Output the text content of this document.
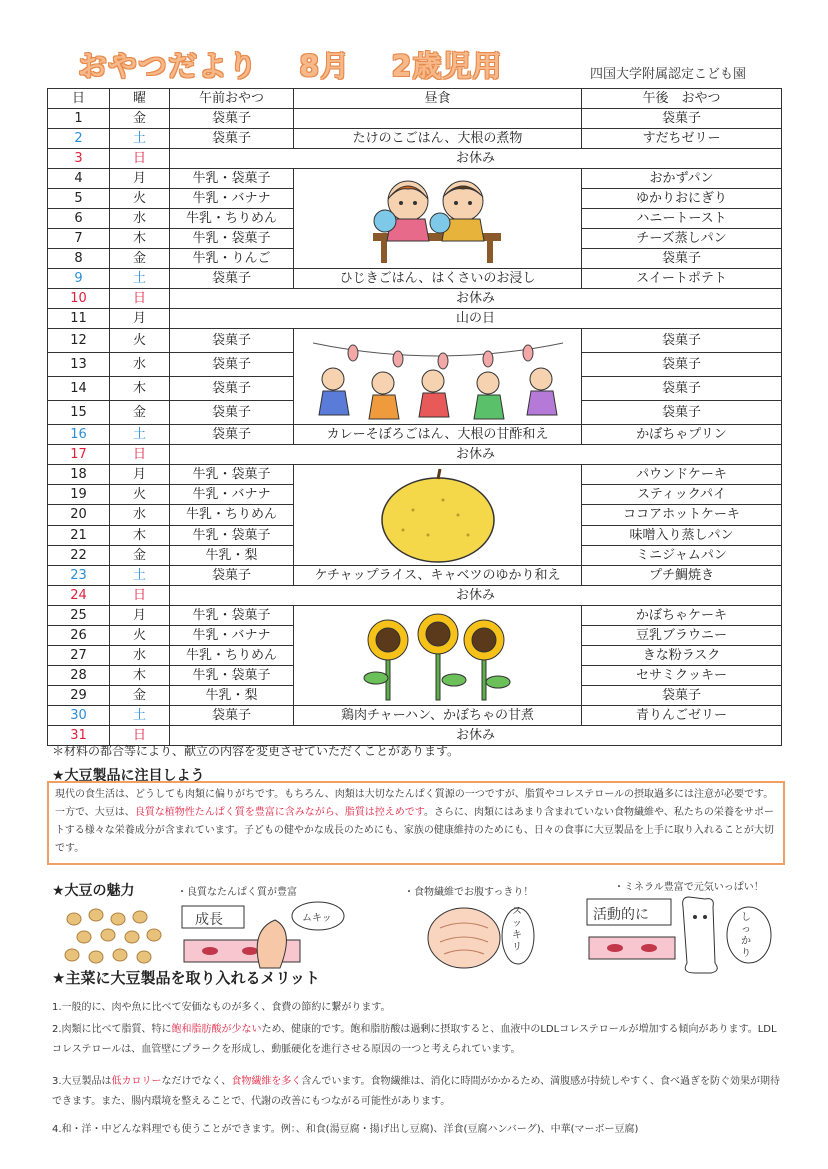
おやつだより　 8月　 2歳児用	四国大学附属認定こども園
日	曜	午前おやつ	昼食	午後　おやつ
1	金	袋菓子		袋菓子
2	土	袋菓子	たけのこごはん、大根の煮物	すだちゼリー
3	日	お休み		
4	月	牛乳・袋菓子		おかずパン
5	火	牛乳・バナナ		ゆかりおにぎり
6	水	牛乳・ちりめん		ハニートースト
7	木	牛乳・袋菓子		チーズ蒸しパン
8	金	牛乳・りんご		袋菓子
9	土	袋菓子	ひじきごはん、はくさいのお浸し	スイートポテト
10	日	お休み		
11	月	山の日		
12	火	袋菓子		袋菓子
13	水	袋菓子		袋菓子
14	木	袋菓子		袋菓子
15	金	袋菓子		袋菓子
16	土	袋菓子	カレーそぼろごはん、大根の甘酢和え	かぼちゃプリン
17	日	お休み		
18	月	牛乳・袋菓子		パウンドケーキ
19	火	牛乳・バナナ		スティックパイ
20	水	牛乳・ちりめん		ココアホットケーキ
21	木	牛乳・袋菓子		味噌入り蒸しパン
22	金	牛乳・梨		ミニジャムパン
23	土	袋菓子	ケチャップライス、キャベツのゆかり和え	プチ鯛焼き
24	日	お休み		
25	月	牛乳・袋菓子		かぼちゃケーキ
26	火	牛乳・バナナ		豆乳ブラウニー
27	水	牛乳・ちりめん		きな粉ラスク
28	木	牛乳・袋菓子		セサミクッキー
29	金	牛乳・梨		袋菓子
30	土	袋菓子	鶏肉チャーハン、かぼちゃの甘煮	青りんごゼリー
31	日	お休み		
＊材料の都合等により、献立の内容を変更させていただくことがあります。
★大豆製品に注目しよう
現代の食生活は、どうしても肉類に偏りがちです。もちろん、肉類は大切なたんぱく質源の一つですが、脂質やコレステロールの摂取過多には注意が必要です。一方で、大豆は、良質な植物性たんぱく質を豊富に含みながら、脂質は控えめです。さらに、肉類にはあまり含まれていない食物繊維や、私たちの栄養をサポートする様々な栄養成分が含まれています。子どもの健やかな成長のためにも、家族の健康維持のためにも、日々の食事に大豆製品を上手に取り入れることが大切です。
★大豆の魅力	・良質なたんぱく質が豊富	・食物繊維でお腹すっきり！	・ミネラル豊富で元気いっぱい！
成長	ムキッ
スッキリ
活動的に	しっかり
★主菜に大豆製品を取り入れるメリット
1.一般的に、肉や魚に比べて安価なものが多く、食費の節約に繋がります。
2.肉類に比べて脂質、特に飽和脂肪酸が少ないため、健康的です。飽和脂肪酸は過剰に摂取すると、血液中のLDLコレステロールが増加する傾向があります。LDLコレステロールは、血管壁にプラークを形成し、動脈硬化を進行させる原因の一つと考えられています。
3.大豆製品は低カロリーなだけでなく、食物繊維を多く含んでいます。食物繊維は、消化に時間がかかるため、満腹感が持続しやすく、食べ過ぎを防ぐ効果が期待できます。また、腸内環境を整えることで、代謝の改善にもつながる可能性があります。
4.和・洋・中どんな料理でも使うことができます。例：、和食(湯豆腐・揚げ出し豆腐)、洋食(豆腐ハンバーグ)、中華(マーボー豆腐)
